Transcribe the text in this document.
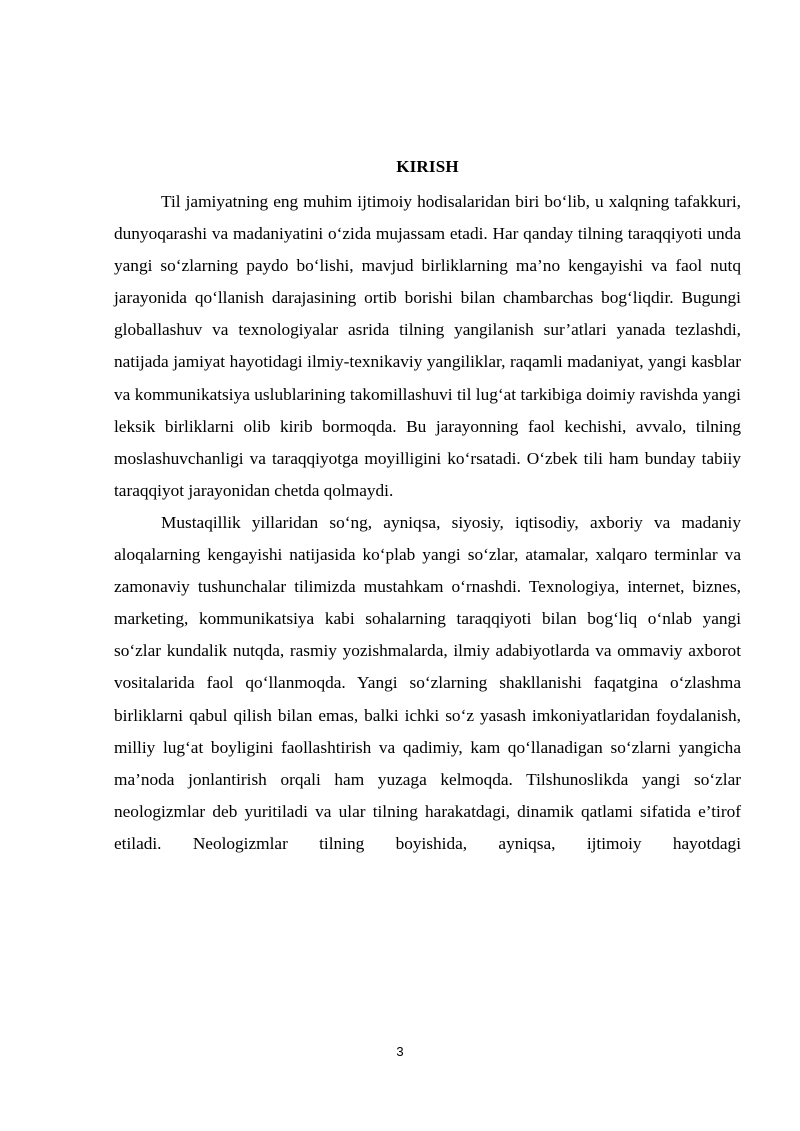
KIRISH

Til jamiyatning eng muhim ijtimoiy hodisalaridan biri bo‘lib, u xalqning tafakkuri, dunyoqarashi va madaniyatini o‘zida mujassam etadi. Har qanday tilning taraqqiyoti unda yangi so‘zlarning paydo bo‘lishi, mavjud birliklarning ma’no kengayishi va faol nutq jarayonida qo‘llanish darajasining ortib borishi bilan chambarchas bog‘liqdir. Bugungi globallashuv va texnologiyalar asrida tilning yangilanish sur’atlari yanada tezlashdi, natijada jamiyat hayotidagi ilmiy-texnikaviy yangiliklar, raqamli madaniyat, yangi kasblar va kommunikatsiya uslublarining takomillashuvi til lug‘at tarkibiga doimiy ravishda yangi leksik birliklarni olib kirib bormoqda. Bu jarayonning faol kechishi, avvalo, tilning moslashuvchanligi va taraqqiyotga moyilligini ko‘rsatadi. O‘zbek tili ham bunday tabiiy taraqqiyot jarayonidan chetda qolmaydi.

Mustaqillik yillaridan so‘ng, ayniqsa, siyosiy, iqtisodiy, axboriy va madaniy aloqalarning kengayishi natijasida ko‘plab yangi so‘zlar, atamalar, xalqaro terminlar va zamonaviy tushunchalar tilimizda mustahkam o‘rnashdi. Texnologiya, internet, biznes, marketing, kommunikatsiya kabi sohalarning taraqqiyoti bilan bog‘liq o‘nlab yangi so‘zlar kundalik nutqda, rasmiy yozishmalarda, ilmiy adabiyotlarda va ommaviy axborot vositalarida faol qo‘llanmoqda. Yangi so‘zlarning shakllanishi faqatgina o‘zlashma birliklarni qabul qilish bilan emas, balki ichki so‘z yasash imkoniyatlaridan foydalanish, milliy lug‘at boyligini faollashtirish va qadimiy, kam qo‘llanadigan so‘zlarni yangicha ma’noda jonlantirish orqali ham yuzaga kelmoqda. Tilshunoslikda yangi so‘zlar neologizmlar deb yuritiladi va ular tilning harakatdagi, dinamik qatlami sifatida e’tirof etiladi. Neologizmlar tilning boyishida, ayniqsa, ijtimoiy hayotdagi

3
